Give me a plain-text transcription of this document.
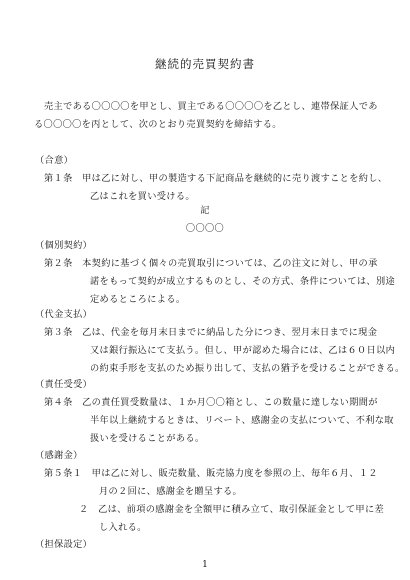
継続的売買契約書
売主である〇〇〇〇を甲とし、買主である〇〇〇〇を乙とし、連帯保証人であ
る〇〇〇〇を丙として、次のとおり売買契約を締結する。
（合意）
第１条　甲は乙に対し、甲の製造する下記商品を継続的に売り渡すことを約し、
乙はこれを買い受ける。
記
〇〇〇〇
（個別契約）
第２条　本契約に基づく個々の売買取引については、乙の注文に対し、甲の承
諾をもって契約が成立するものとし、その方式、条件については、別途
定めるところによる。
（代金支払）
第３条　乙は、代金を毎月末日までに納品した分につき、翌月末日までに現金
又は銀行振込にて支払う。但し、甲が認めた場合には、乙は６０日以内
の約束手形を支払のため振り出して、支払の猶予を受けることができる。
（責任受受）
第４条　乙の責任買受数量は、１か月〇〇箱とし、この数量に達しない期間が
半年以上継続するときは、リベート、感謝金の支払について、不利な取
扱いを受けることがある。
（感謝金）
第５条１　甲は乙に対し、販売数量、販売協力度を参照の上、毎年６月、１２
月の２回に、感謝金を贈呈する。
２　乙は、前項の感謝金を全額甲に積み立て、取引保証金として甲に差
し入れる。
（担保設定）
1
